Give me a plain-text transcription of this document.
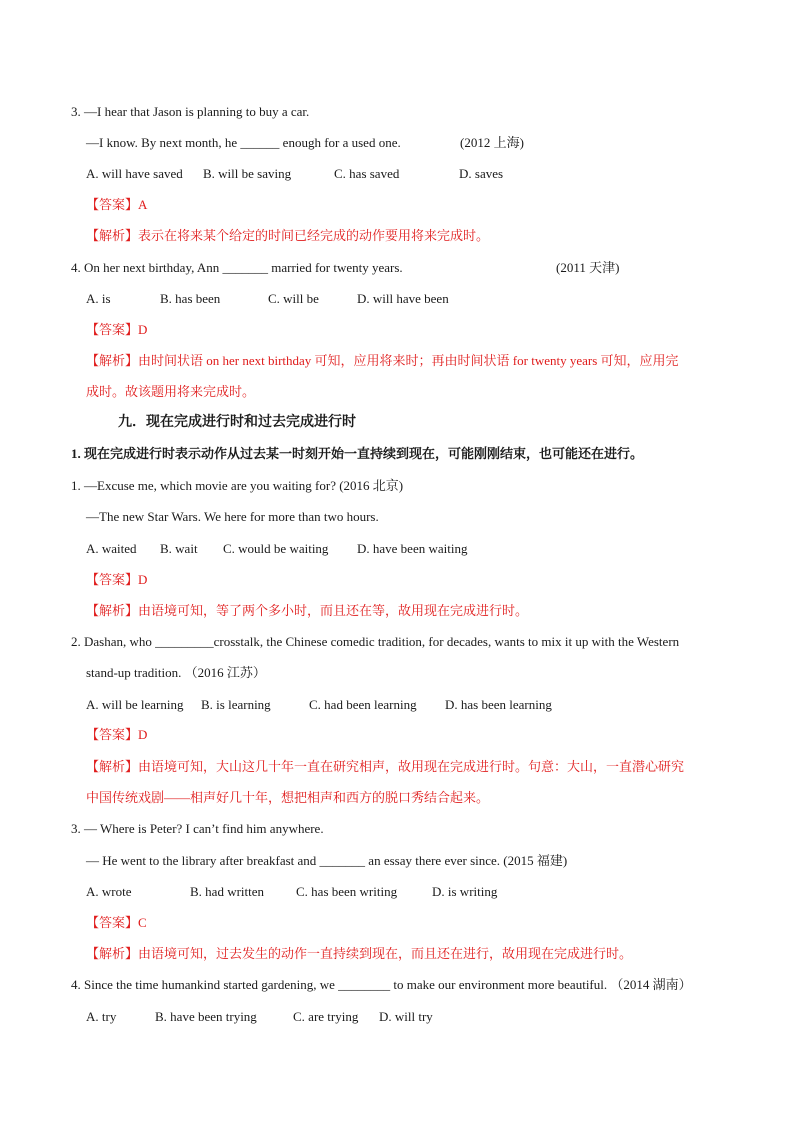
3. —I hear that Jason is planning to buy a car.
—I know. By next month, he ______ enough for a used one.	(2012 上海)
A. will have saved B. will be saving	C. has saved	D. saves
【答案】A
【解析】表示在将来某个给定的时间已经完成的动作要用将来完成时。
4. On her next birthday, Ann _______ married for twenty years.	(2011 天津)
A. is	B. has been	C. will be	D. will have been
【答案】D
【解析】由时间状语 on her next birthday 可知，应用将来时；再由时间状语 for twenty years 可知，应用完
成时。故该题用将来完成时。
九．现在完成进行时和过去完成进行时
1. 现在完成进行时表示动作从过去某一时刻开始一直持续到现在，可能刚刚结束，也可能还在进行。
1. —Excuse me, which movie are you waiting for? (2016 北京)
—The new Star Wars. We here for more than two hours.
A. waited B. wait C. would be waiting D. have been waiting
【答案】D
【解析】由语境可知，等了两个多小时，而且还在等，故用现在完成进行时。
2. Dashan, who _________crosstalk, the Chinese comedic tradition, for decades, wants to mix it up with the Western
stand-up tradition. （2016 江苏）
A. will be learning B. is learning	C. had been learning D. has been learning
【答案】D
【解析】由语境可知，大山这几十年一直在研究相声，故用现在完成进行时。句意：大山，一直潜心研究
中国传统戏剧——相声好几十年，想把相声和西方的脱口秀结合起来。
3. — Where is Peter? I can’t find him anywhere.
— He went to the library after breakfast and _______ an essay there ever since. (2015 福建)
A. wrote	B. had written C. has been writing	D. is writing
【答案】C
【解析】由语境可知，过去发生的动作一直持续到现在，而且还在进行，故用现在完成进行时。
4. Since the time humankind started gardening, we ________ to make our environment more beautiful. （2014 湖南）
A. try	B. have been trying	C. are trying D. will try
